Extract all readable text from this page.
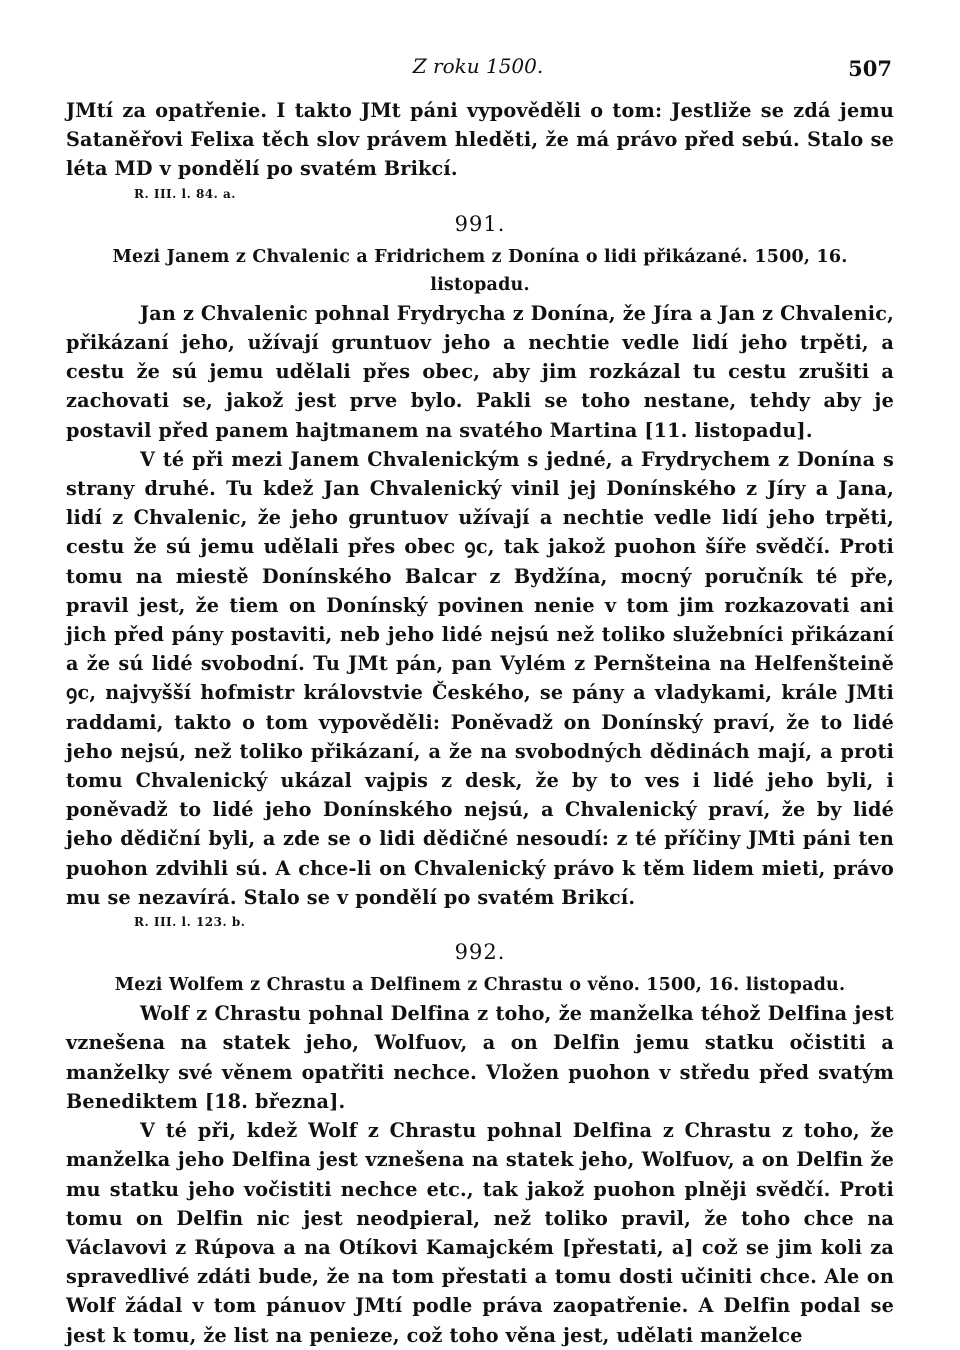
Z roku 1500.	507

JMtí za opatřenie. I takto JMt páni vypověděli o tom: Jestliže se zdá jemu Sataněřovi Felixa těch slov právem hleděti, že má právo před sebú. Stalo se léta MD v pondělí po svatém Brikcí.

R. III. l. 84. a.
991.
Mezi Janem z Chvalenic a Fridrichem z Donína o lidi přikázané. 1500, 16. listopadu.

Jan z Chvalenic pohnal Frydrycha z Donína, že Jíra a Jan z Chvalenic, přikázaní jeho, užívají gruntuov jeho a nechtie vedle lidí jeho trpěti, a cestu že sú jemu udělali přes obec, aby jim rozkázal tu cestu zrušiti a zachovati se, jakož jest prve bylo. Pakli se toho nestane, tehdy aby je postavil před panem hajtmanem na svatého Martina [11. listopadu].

V té při mezi Janem Chvalenickým s jedné, a Frydrychem z Donína s strany druhé. Tu kdež Jan Chvalenický vinil jej Donínského z Jíry a Jana, lidí z Chvalenic, že jeho gruntuov užívají a nechtie vedle lidí jeho trpěti, cestu že sú jemu udělali přes obec ꝯc, tak jakož puohon šíře svědčí. Proti tomu na miestě Donínského Balcar z Bydžína, mocný poručník té pře, pravil jest, že tiem on Donínský povinen nenie v tom jim rozkazovati ani jich před pány postaviti, neb jeho lidé nejsú než toliko služebníci přikázaní a že sú lidé svobodní. Tu JMt pán, pan Vylém z Pernšteina na Helfenšteině ꝯc, najvyšší hofmistr královstvie Českého, se pány a vladykami, krále JMti raddami, takto o tom vypověděli: Poněvadž on Donínský praví, že to lidé jeho nejsú, než toliko přikázaní, a že na svobodných dědinách mají, a proti tomu Chvalenický ukázal vajpis z desk, že by to ves i lidé jeho byli, i poněvadž to lidé jeho Donínského nejsú, a Chvalenický praví, že by lidé jeho dědiční byli, a zde se o lidi dědičné nesoudí: z té příčiny JMti páni ten puohon zdvihli sú. A chce-li on Chvalenický právo k těm lidem mieti, právo mu se nezavírá. Stalo se v pondělí po svatém Brikcí.

R. III. l. 123. b.
992.
Mezi Wolfem z Chrastu a Delfinem z Chrastu o věno. 1500, 16. listopadu.

Wolf z Chrastu pohnal Delfina z toho, že manželka téhož Delfina jest vznešena na statek jeho, Wolfuov, a on Delfin jemu statku očistiti a manželky své věnem opatřiti nechce. Vložen puohon v středu před svatým Benediktem [18. března].

V té při, kdež Wolf z Chrastu pohnal Delfina z Chrastu z toho, že manželka jeho Delfina jest vznešena na statek jeho, Wolfuov, a on Delfin že mu statku jeho vočistiti nechce etc., tak jakož puohon plněji svědčí. Proti tomu on Delfin nic jest neodpieral, než toliko pravil, že toho chce na Václavovi z Rúpova a na Otíkovi Kamajckém [přestati, a] což se jim koli za spravedlivé zdáti bude, že na tom přestati a tomu dosti učiniti chce. Ale on Wolf žádal v tom pánuov JMtí podle práva zaopatřenie. A Delfin podal se jest k tomu, že list na penieze, což toho věna jest, udělati manželce
